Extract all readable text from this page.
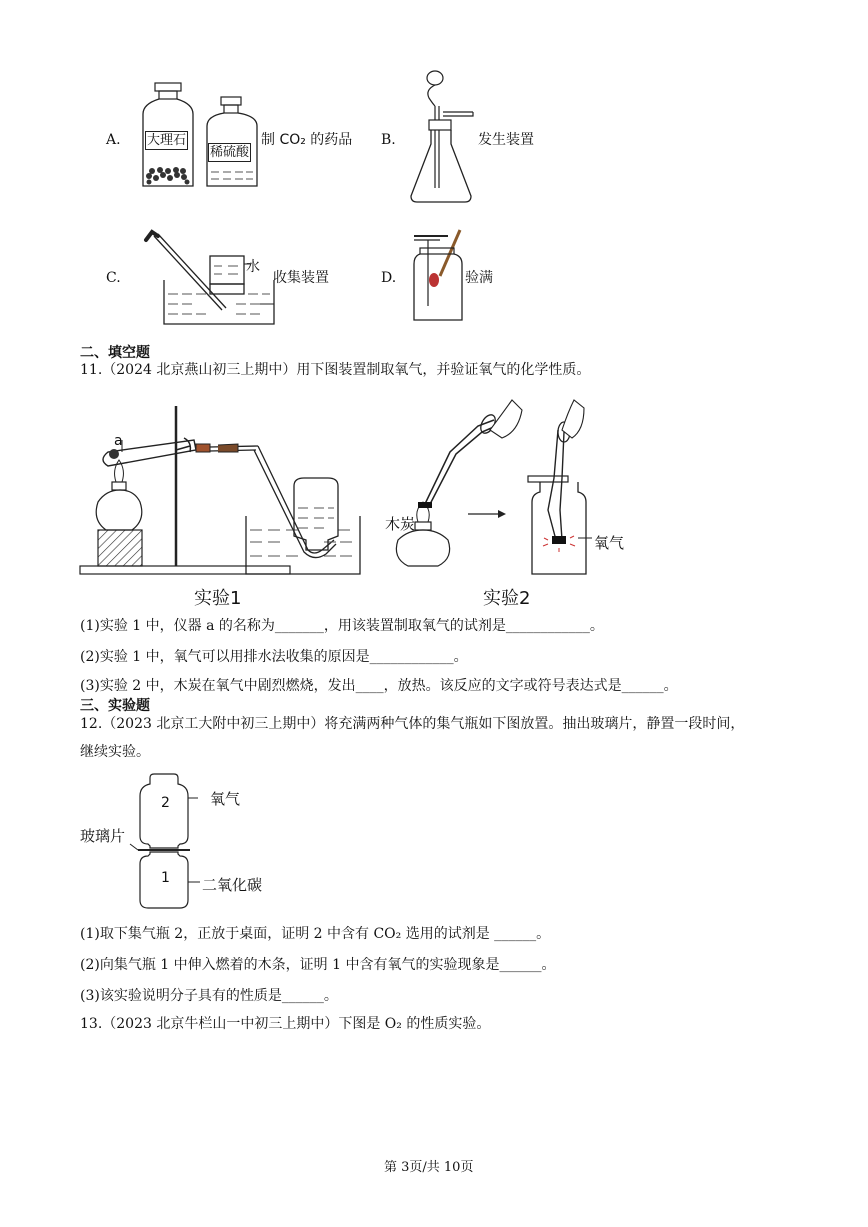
A. 大理石
稀硫酸
制 CO₂ 的药品 B.	发生装置
C.
水
收集装置	D.	验满
二、填空题
11.（2024 北京燕山初三上期中）用下图装置制取氧气，并验证氧气的化学性质。
a
木炭
氧气
实验1	实验2
(1)实验 1 中，仪器 a 的名称为_______，用该装置制取氧气的试剂是____________。
(2)实验 1 中，氧气可以用排水法收集的原因是____________。
(3)实验 2 中，木炭在氧气中剧烈燃烧，发出____，放热。该反应的文字或符号表达式是______。
三、实验题
12.（2023 北京工大附中初三上期中）将充满两种气体的集气瓶如下图放置。抽出玻璃片，静置一段时间，
继续实验。
2
1
氧气
玻璃片
二氧化碳
(1)取下集气瓶 2，正放于桌面，证明 2 中含有 CO₂ 选用的试剂是 ______。
(2)向集气瓶 1 中伸入燃着的木条，证明 1 中含有氧气的实验现象是______。
(3)该实验说明分子具有的性质是______。
13.（2023 北京牛栏山一中初三上期中）下图是 O₂ 的性质实验。
第 3页/共 10页
